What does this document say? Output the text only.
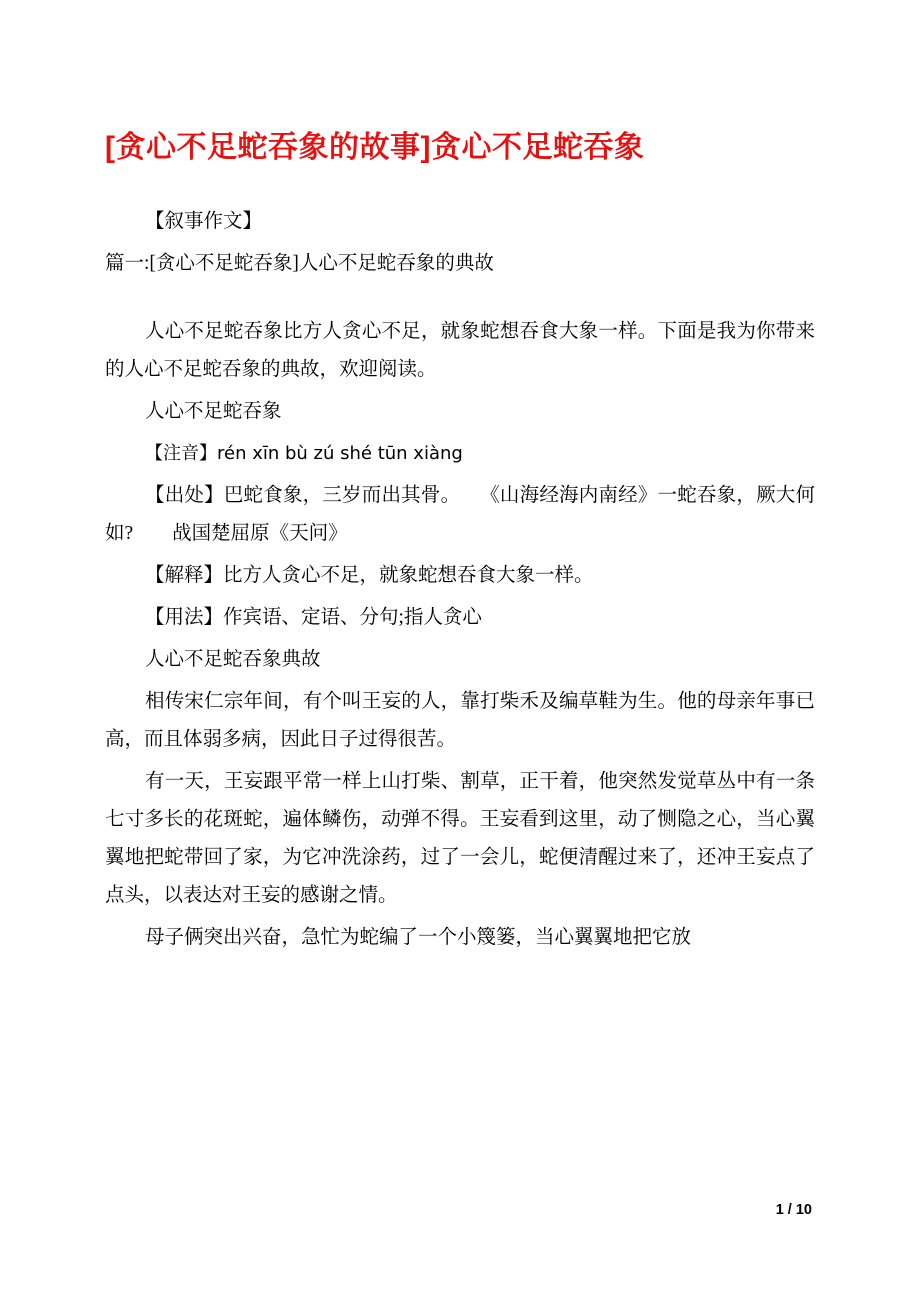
[贪心不足蛇吞象的故事]贪心不足蛇吞象

【叙事作文】

篇一:[贪心不足蛇吞象]人心不足蛇吞象的典故

人心不足蛇吞象比方人贪心不足，就象蛇想吞食大象一样。下面是我为你带来的人心不足蛇吞象的典故，欢迎阅读。

人心不足蛇吞象

【注音】rén xīn bù zú shé tūn xiàng

【出处】巴蛇食象，三岁而出其骨。　　《山海经海内南经》一蛇吞象，厥大何如?　　战国楚屈原《天问》

【解释】比方人贪心不足，就象蛇想吞食大象一样。

【用法】作宾语、定语、分句;指人贪心

人心不足蛇吞象典故

相传宋仁宗年间，有个叫王妄的人，靠打柴禾及编草鞋为生。他的母亲年事已高，而且体弱多病，因此日子过得很苦。

有一天，王妄跟平常一样上山打柴、割草，正干着，他突然发觉草丛中有一条七寸多长的花斑蛇，遍体鳞伤，动弹不得。王妄看到这里，动了恻隐之心，当心翼翼地把蛇带回了家，为它冲洗涂药，过了一会儿，蛇便清醒过来了，还冲王妄点了点头，以表达对王妄的感谢之情。

母子俩突出兴奋，急忙为蛇编了一个小篾篓，当心翼翼地把它放

1 / 10
